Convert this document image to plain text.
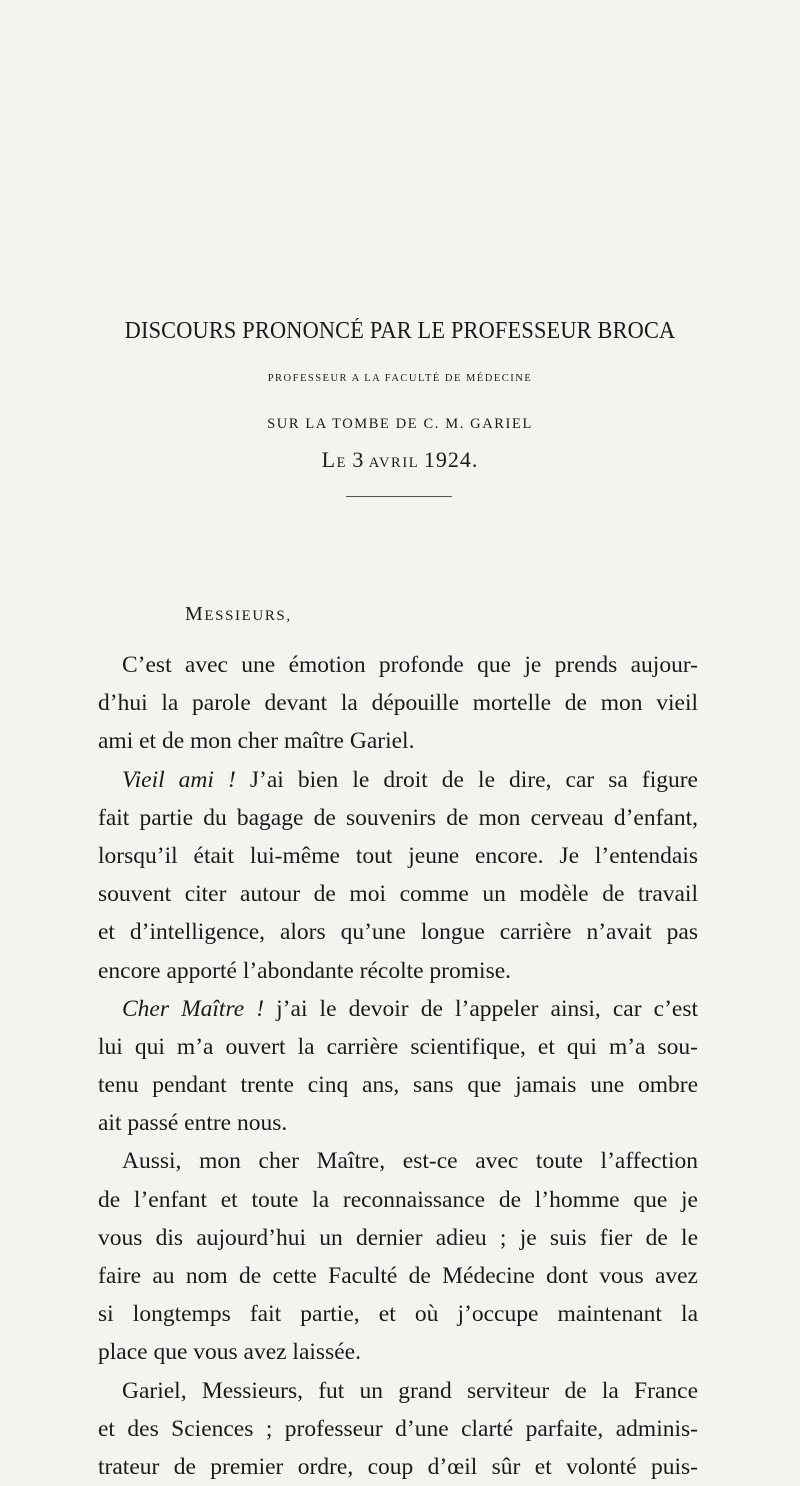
DISCOURS PRONONCÉ PAR LE PROFESSEUR BROCA

PROFESSEUR A LA FACULTÉ DE MÉDECINE

SUR LA TOMBE DE C. M. GARIEL

LE 3 AVRIL 1924.

MESSIEURS,

C’est avec une émotion profonde que je prends aujour-
d’hui la parole devant la dépouille mortelle de mon vieil
ami et de mon cher maître Gariel.
Vieil ami ! J’ai bien le droit de le dire, car sa figure
fait partie du bagage de souvenirs de mon cerveau d’enfant,
lorsqu’il était lui-même tout jeune encore. Je l’entendais
souvent citer autour de moi comme un modèle de travail
et d’intelligence, alors qu’une longue carrière n’avait pas
encore apporté l’abondante récolte promise.
Cher Maître ! j’ai le devoir de l’appeler ainsi, car c’est
lui qui m’a ouvert la carrière scientifique, et qui m’a sou-
tenu pendant trente cinq ans, sans que jamais une ombre
ait passé entre nous.
Aussi, mon cher Maître, est-ce avec toute l’affection
de l’enfant et toute la reconnaissance de l’homme que je
vous dis aujourd’hui un dernier adieu ; je suis fier de le
faire au nom de cette Faculté de Médecine dont vous avez
si longtemps fait partie, et où j’occupe maintenant la
place que vous avez laissée.
Gariel, Messieurs, fut un grand serviteur de la France
et des Sciences ; professeur d’une clarté parfaite, adminis-
trateur de premier ordre, coup d’œil sûr et volonté puis-
